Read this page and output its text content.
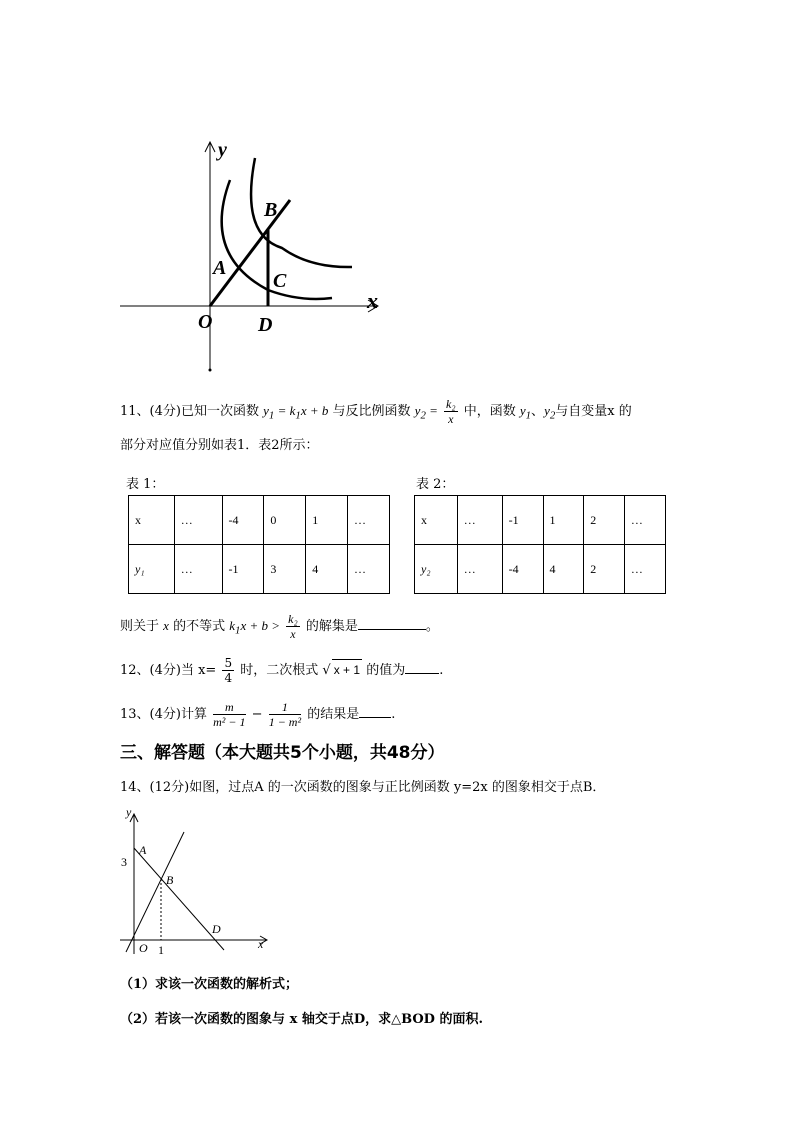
y
x
O
A
B
C
D
11、(4分)已知一次函数 $y_1 = k_1x + b$ 与反比例函数 $y_2 = \frac{\text{k₂}}{x}$ 中，函数 $y_1$、$y_2$与自变量x 的
部分对应值分别如表1．表2所示：
表 1：
x	…	-4	0	1	…
y₁	…	-1	3	4	…
表 2：
x	…	-1	1	2	…
y₂	…	-4	4	2	…
则关于 x 的不等式 $k_1x + b > \frac{\text{k₂}}{x}$ 的解集是	。
12、(4分)当 $x= \frac{5}{4}$ 时，二次根式 √ x + 1 的值为	.
13、(4分)计算 $\frac{m}{\text{m² − 1}} - \frac{1}{\text{1 − m²}}$ 的结果是 .
三、解答题（本大题共5个小题，共48分）
14、(12分)如图，过点A 的一次函数的图象与正比例函数 y=2x 的图象相交于点B．
y
x
O
A
B
D
3
1
（1）求该一次函数的解析式；
（2）若该一次函数的图象与 x 轴交于点D，求△BOD 的面积.
